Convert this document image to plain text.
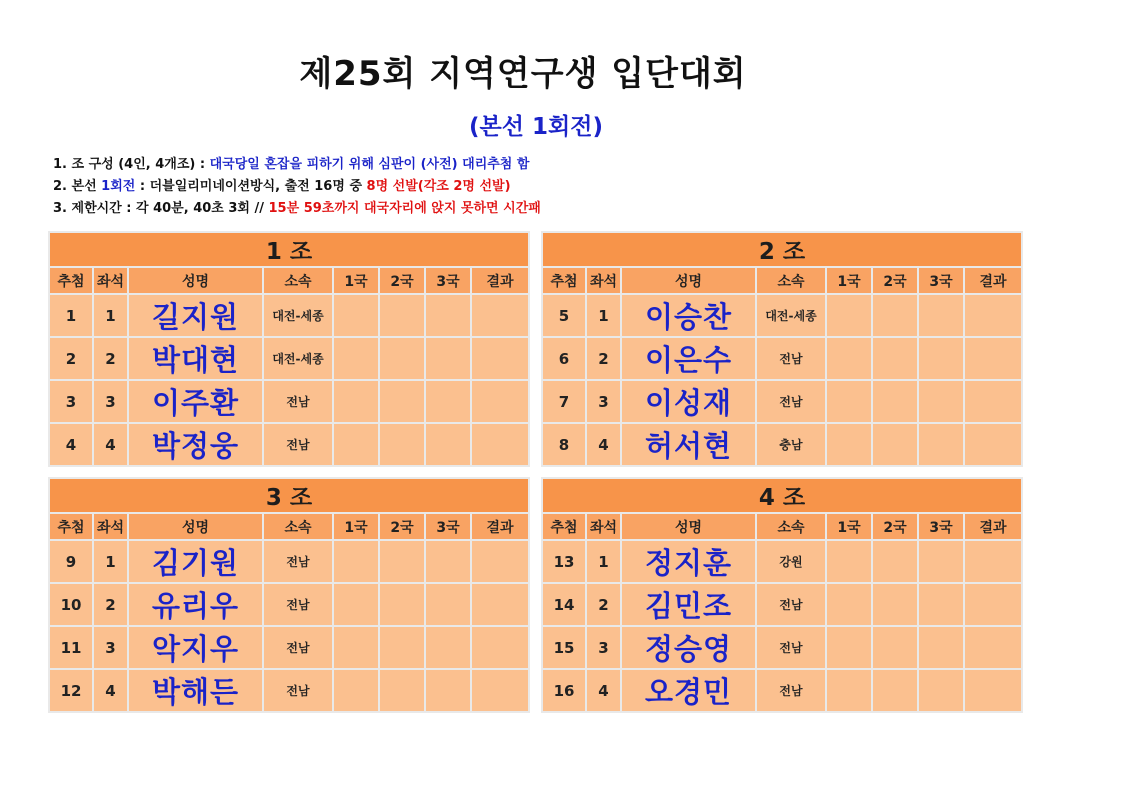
제25회 지역연구생 입단대회
(본선 1회전)
1. 조 구성 (4인, 4개조) : 대국당일 혼잡을 피하기 위해 심판이 (사전) 대리추첨 함
2. 본선 1회전 : 더블일리미네이션방식, 출전 16명 중 8명 선발(각조 2명 선발)
3. 제한시간 : 각 40분, 40초 3회 // 15분 59초까지 대국자리에 앉지 못하면 시간패
1 조							
추첨	좌석	성명	소속	1국	2국	3국	결과
1	1	길지원	대전-세종				
2	2	박대현	대전-세종				
3	3	이주환	전남				
4	4	박정웅	전남				
2 조							
추첨	좌석	성명	소속	1국	2국	3국	결과
5	1	이승찬	대전-세종				
6	2	이은수	전남				
7	3	이성재	전남				
8	4	허서현	충남				
3 조							
추첨	좌석	성명	소속	1국	2국	3국	결과
9	1	김기원	전남				
10	2	유리우	전남				
11	3	악지우	전남				
12	4	박해든	전남				
4 조							
추첨	좌석	성명	소속	1국	2국	3국	결과
13	1	정지훈	강원				
14	2	김민조	전남				
15	3	정승영	전남				
16	4	오경민	전남				
